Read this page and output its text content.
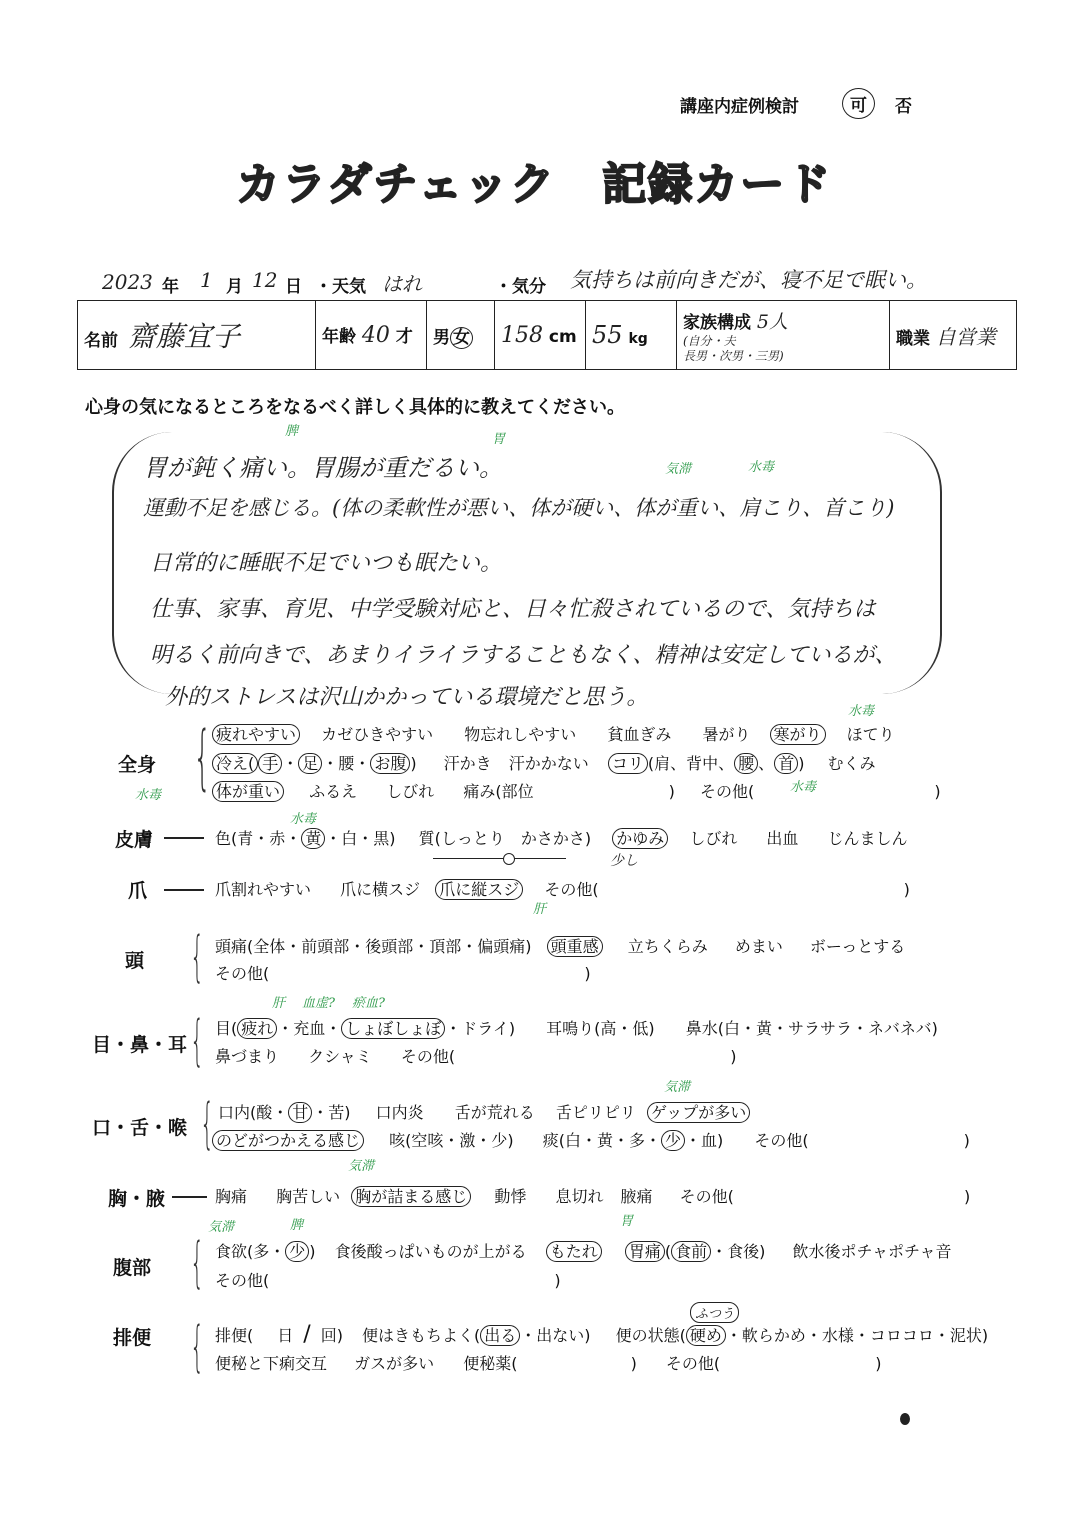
講座内症例検討	可	否
カラダチェック　記録カード
2023 年 1 月 12 日 ・天気 はれ	・気分 気持ちは前向きだが、寝不足で眠い。
名前 齋藤宜子	年齢 40 才	男 女	158 cm	55 kg	家族構成 5人
(自分・夫
長男・次男・三男)
	職業 自営業
心身の気になるところをなるべく詳しく具体的に教えてください。
胃が鈍く痛い。胃腸が重だるい。
運動不足を感じる。(体の柔軟性が悪い、体が硬い、体が重い、肩こり、首こり)
日常的に睡眠不足でいつも眠たい。
仕事、家事、育児、中学受験対応と、日々忙殺されているので、気持ちは
明るく前向きで、あまりイライラすることもなく、精神は安定しているが、
外的ストレスは沢山かかっている環境だと思う。
脾
胃
気滞	水毒
全身 { 疲れやすい カゼひきやすい 物忘れしやすい 貧血ぎみ 暑がり 寒がり ほてり
水毒
冷え( 手 ・ 足 ・腰・ お腹 ) 汗かき 汗かかない コリ (肩、背中、 腰 、 首 ) むくみ
水毒
水毒
体が重い ふるえ しびれ 痛み(部位	) その他(	)
皮膚
水毒
色(青・赤・ 黄 ・白・黒) 質(しっとり　かさかさ) かゆみ しびれ 出血 じんましん
少し
爪	爪割れやすい 爪に横スジ 爪に縦スジ その他(	)
肝
頭 { 頭痛(全体・前頭部・後頭部・頂部・偏頭痛) 頭重感 立ちくらみ めまい ボーっとする
その他(	)
目・鼻・耳 {
肝 血虚? 瘀血?
目( 疲れ ・充血・ しょぼしょぼ ・ドライ) 耳鳴り(高・低) 鼻水(白・黄・サラサラ・ネバネバ)
鼻づまり クシャミ その他(	)
口・舌・喉 {
気滞
口内(酸・ 甘 ・苦) 口内炎 舌が荒れる 舌ピリピリ ゲップが多い
のどがつかえる感じ 咳(空咳・激・少) 痰(白・黄・多・ 少 ・血) その他(	)
気滞
胸・腋	胸痛 胸苦しい 胸が詰まる感じ 動悸 息切れ 腋痛 その他(	)
腹部 {
気滞	脾	胃
食欲(多・ 少 ) 食後酸っぱいものが上がる もたれ 胃痛 ( 食前 ・食後) 飲水後ポチャポチャ音
その他(	)
排便 {
ふつう
排便( 日 / 回) 便はきもちよく( 出る ・出ない) 便の状態( 硬め ・軟らかめ・水様・コロコロ・泥状)
便秘と下痢交互 ガスが多い 便秘薬(	) その他(	)
